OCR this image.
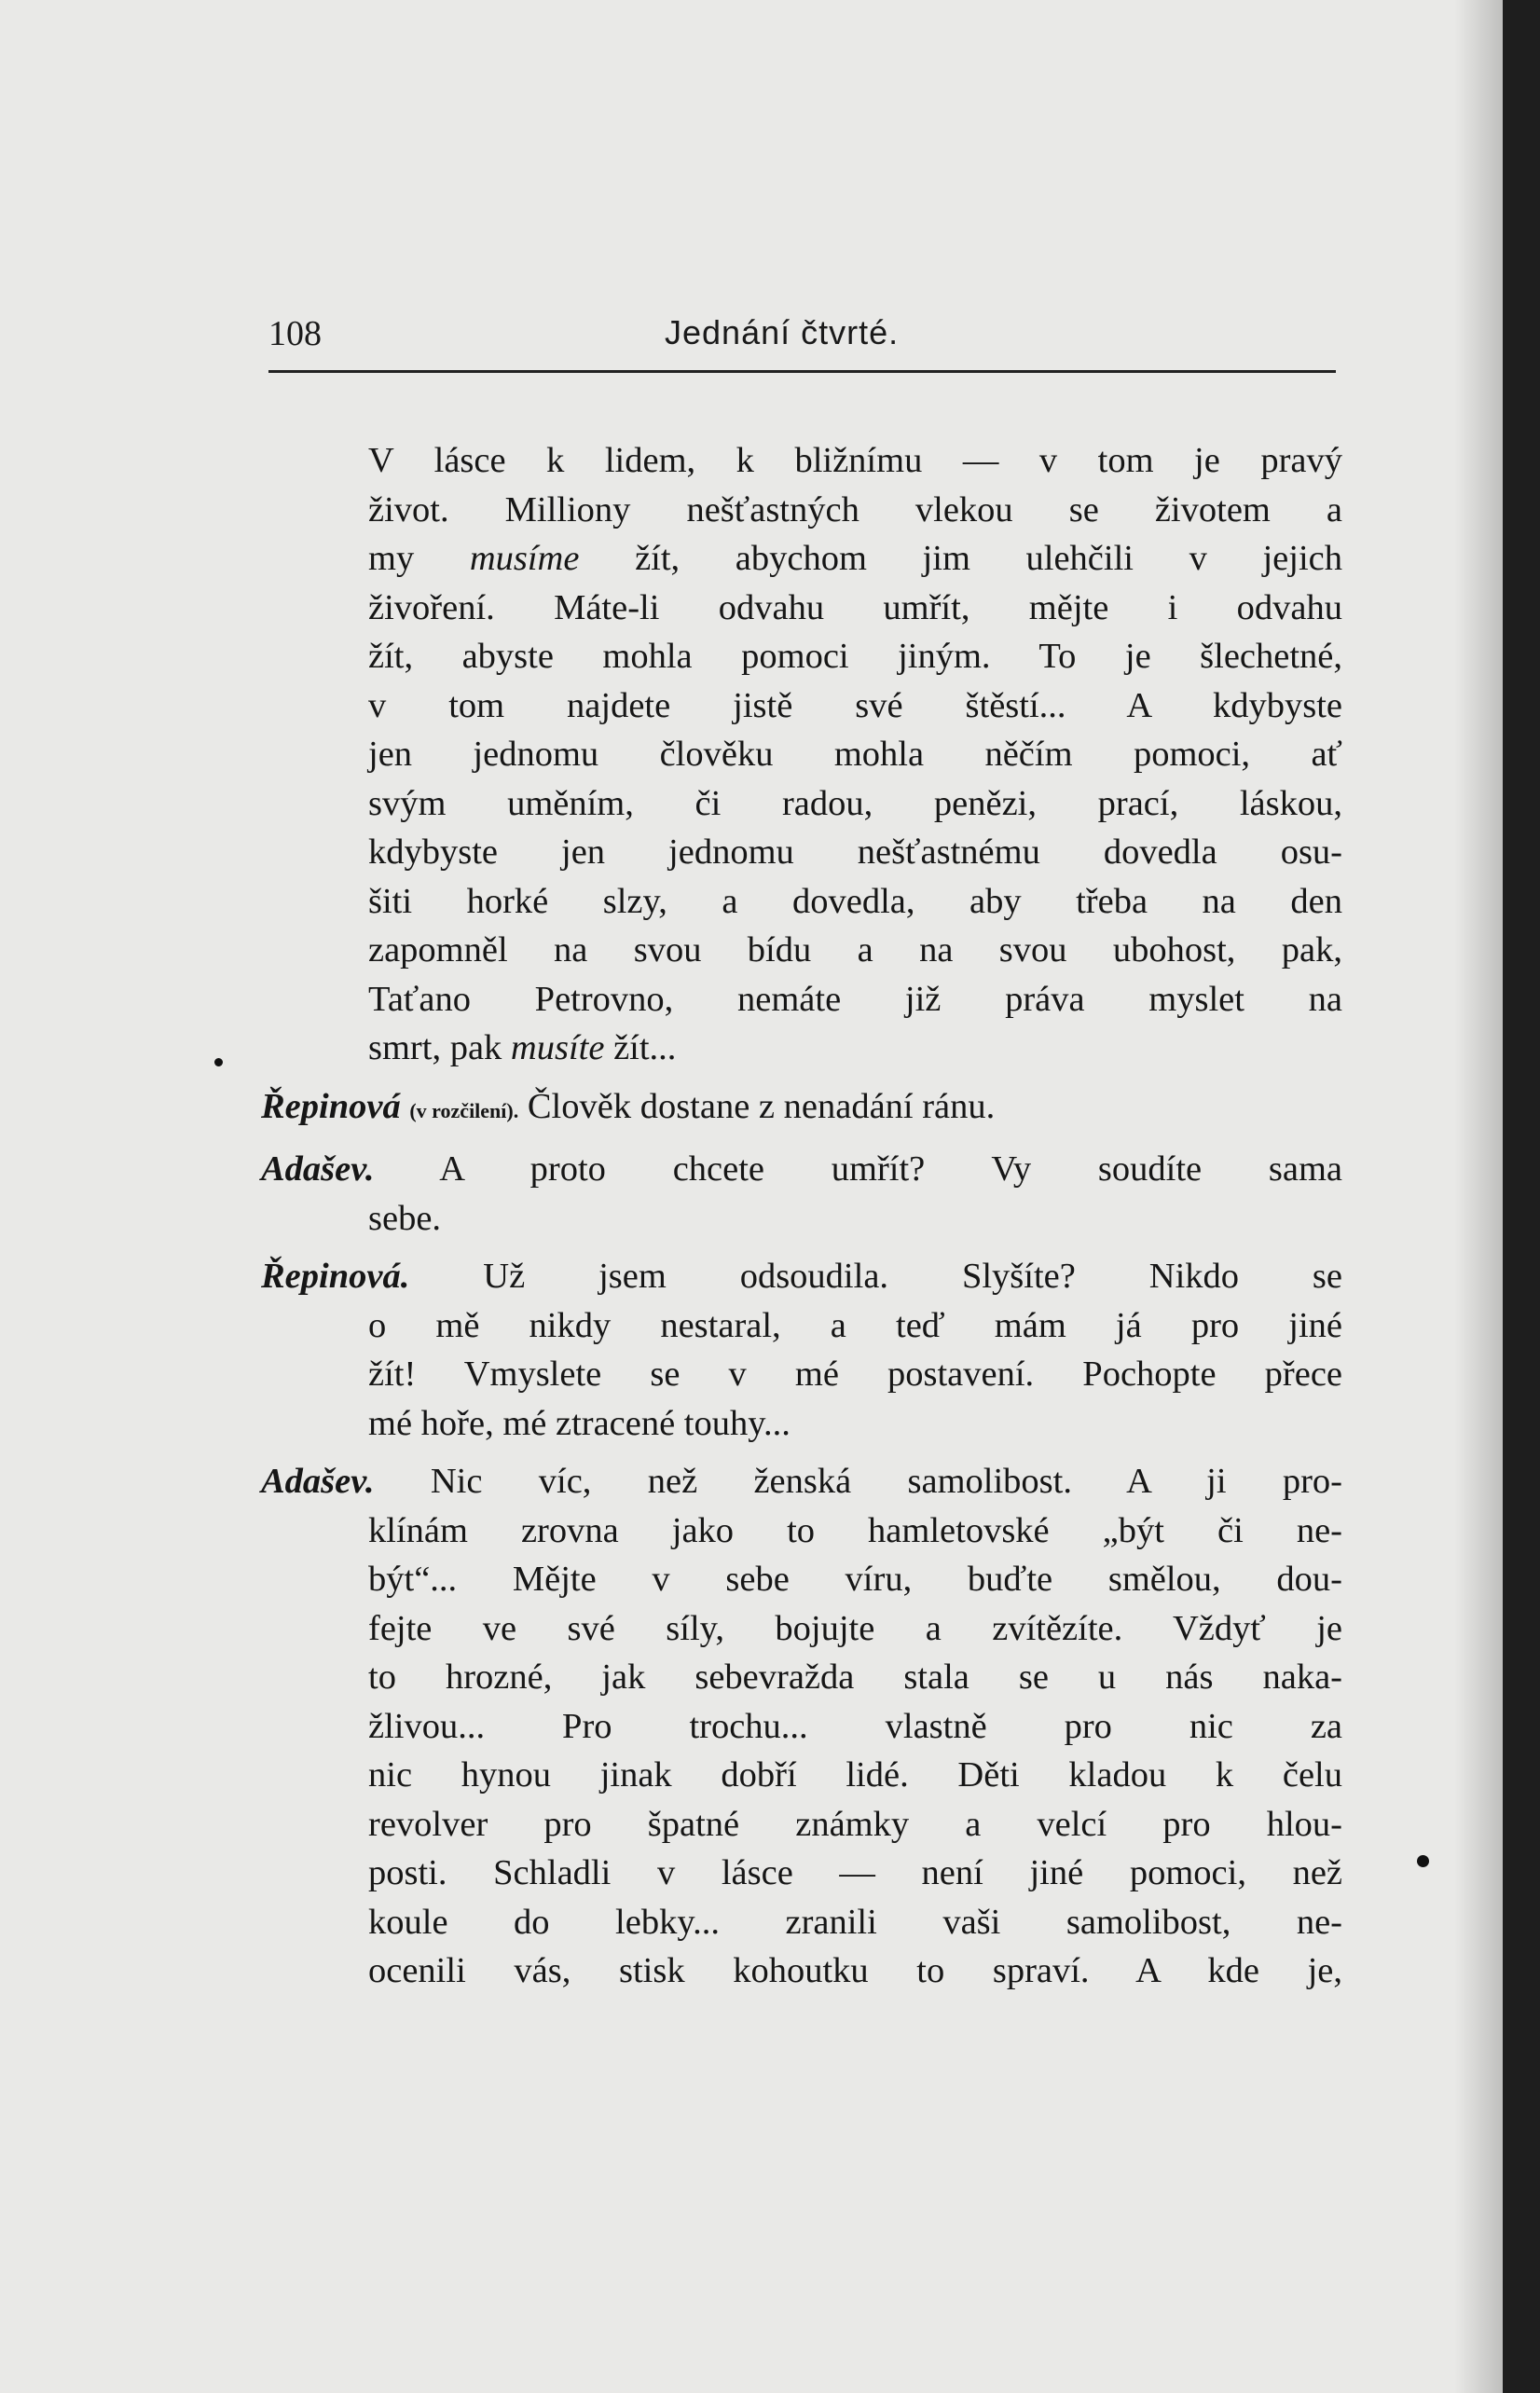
108	Jednání čtvrté.
V lásce k lidem, k bližnímu — v tom je pravý
život. Milliony nešťastných vlekou se životem a
my musíme žít, abychom jim ulehčili v jejich
živoření. Máte-li odvahu umřít, mějte i odvahu
žít, abyste mohla pomoci jiným. To je šlechetné,
v tom najdete jistě své štěstí... A kdybyste
jen jednomu člověku mohla něčím pomoci, ať
svým uměním, či radou, penězi, prací, láskou,
kdybyste jen jednomu nešťastnému dovedla osu-
šiti horké slzy, a dovedla, aby třeba na den
zapomněl na svou bídu a na svou ubohost, pak,
Taťano Petrovno, nemáte již práva myslet na
smrt, pak musíte žít...
Řepinová (v rozčilení). Člověk dostane z nenadání ránu.
Adašev. A proto chcete umřít? Vy soudíte sama
sebe.
Řepinová. Už jsem odsoudila. Slyšíte? Nikdo se
o mě nikdy nestaral, a teď mám já pro jiné
žít! Vmyslete se v mé postavení. Pochopte přece
mé hoře, mé ztracené touhy...
Adašev. Nic víc, než ženská samolibost. A ji pro-
klínám zrovna jako to hamletovské „být či ne-
být“... Mějte v sebe víru, buďte smělou, dou-
fejte ve své síly, bojujte a zvítězíte. Vždyť je
to hrozné, jak sebevražda stala se u nás naka-
žlivou... Pro trochu... vlastně pro nic za
nic hynou jinak dobří lidé. Děti kladou k čelu
revolver pro špatné známky a velcí pro hlou-
posti. Schladli v lásce — není jiné pomoci, než
koule do lebky... zranili vaši samolibost, ne-
ocenili vás, stisk kohoutku to spraví. A kde je,
